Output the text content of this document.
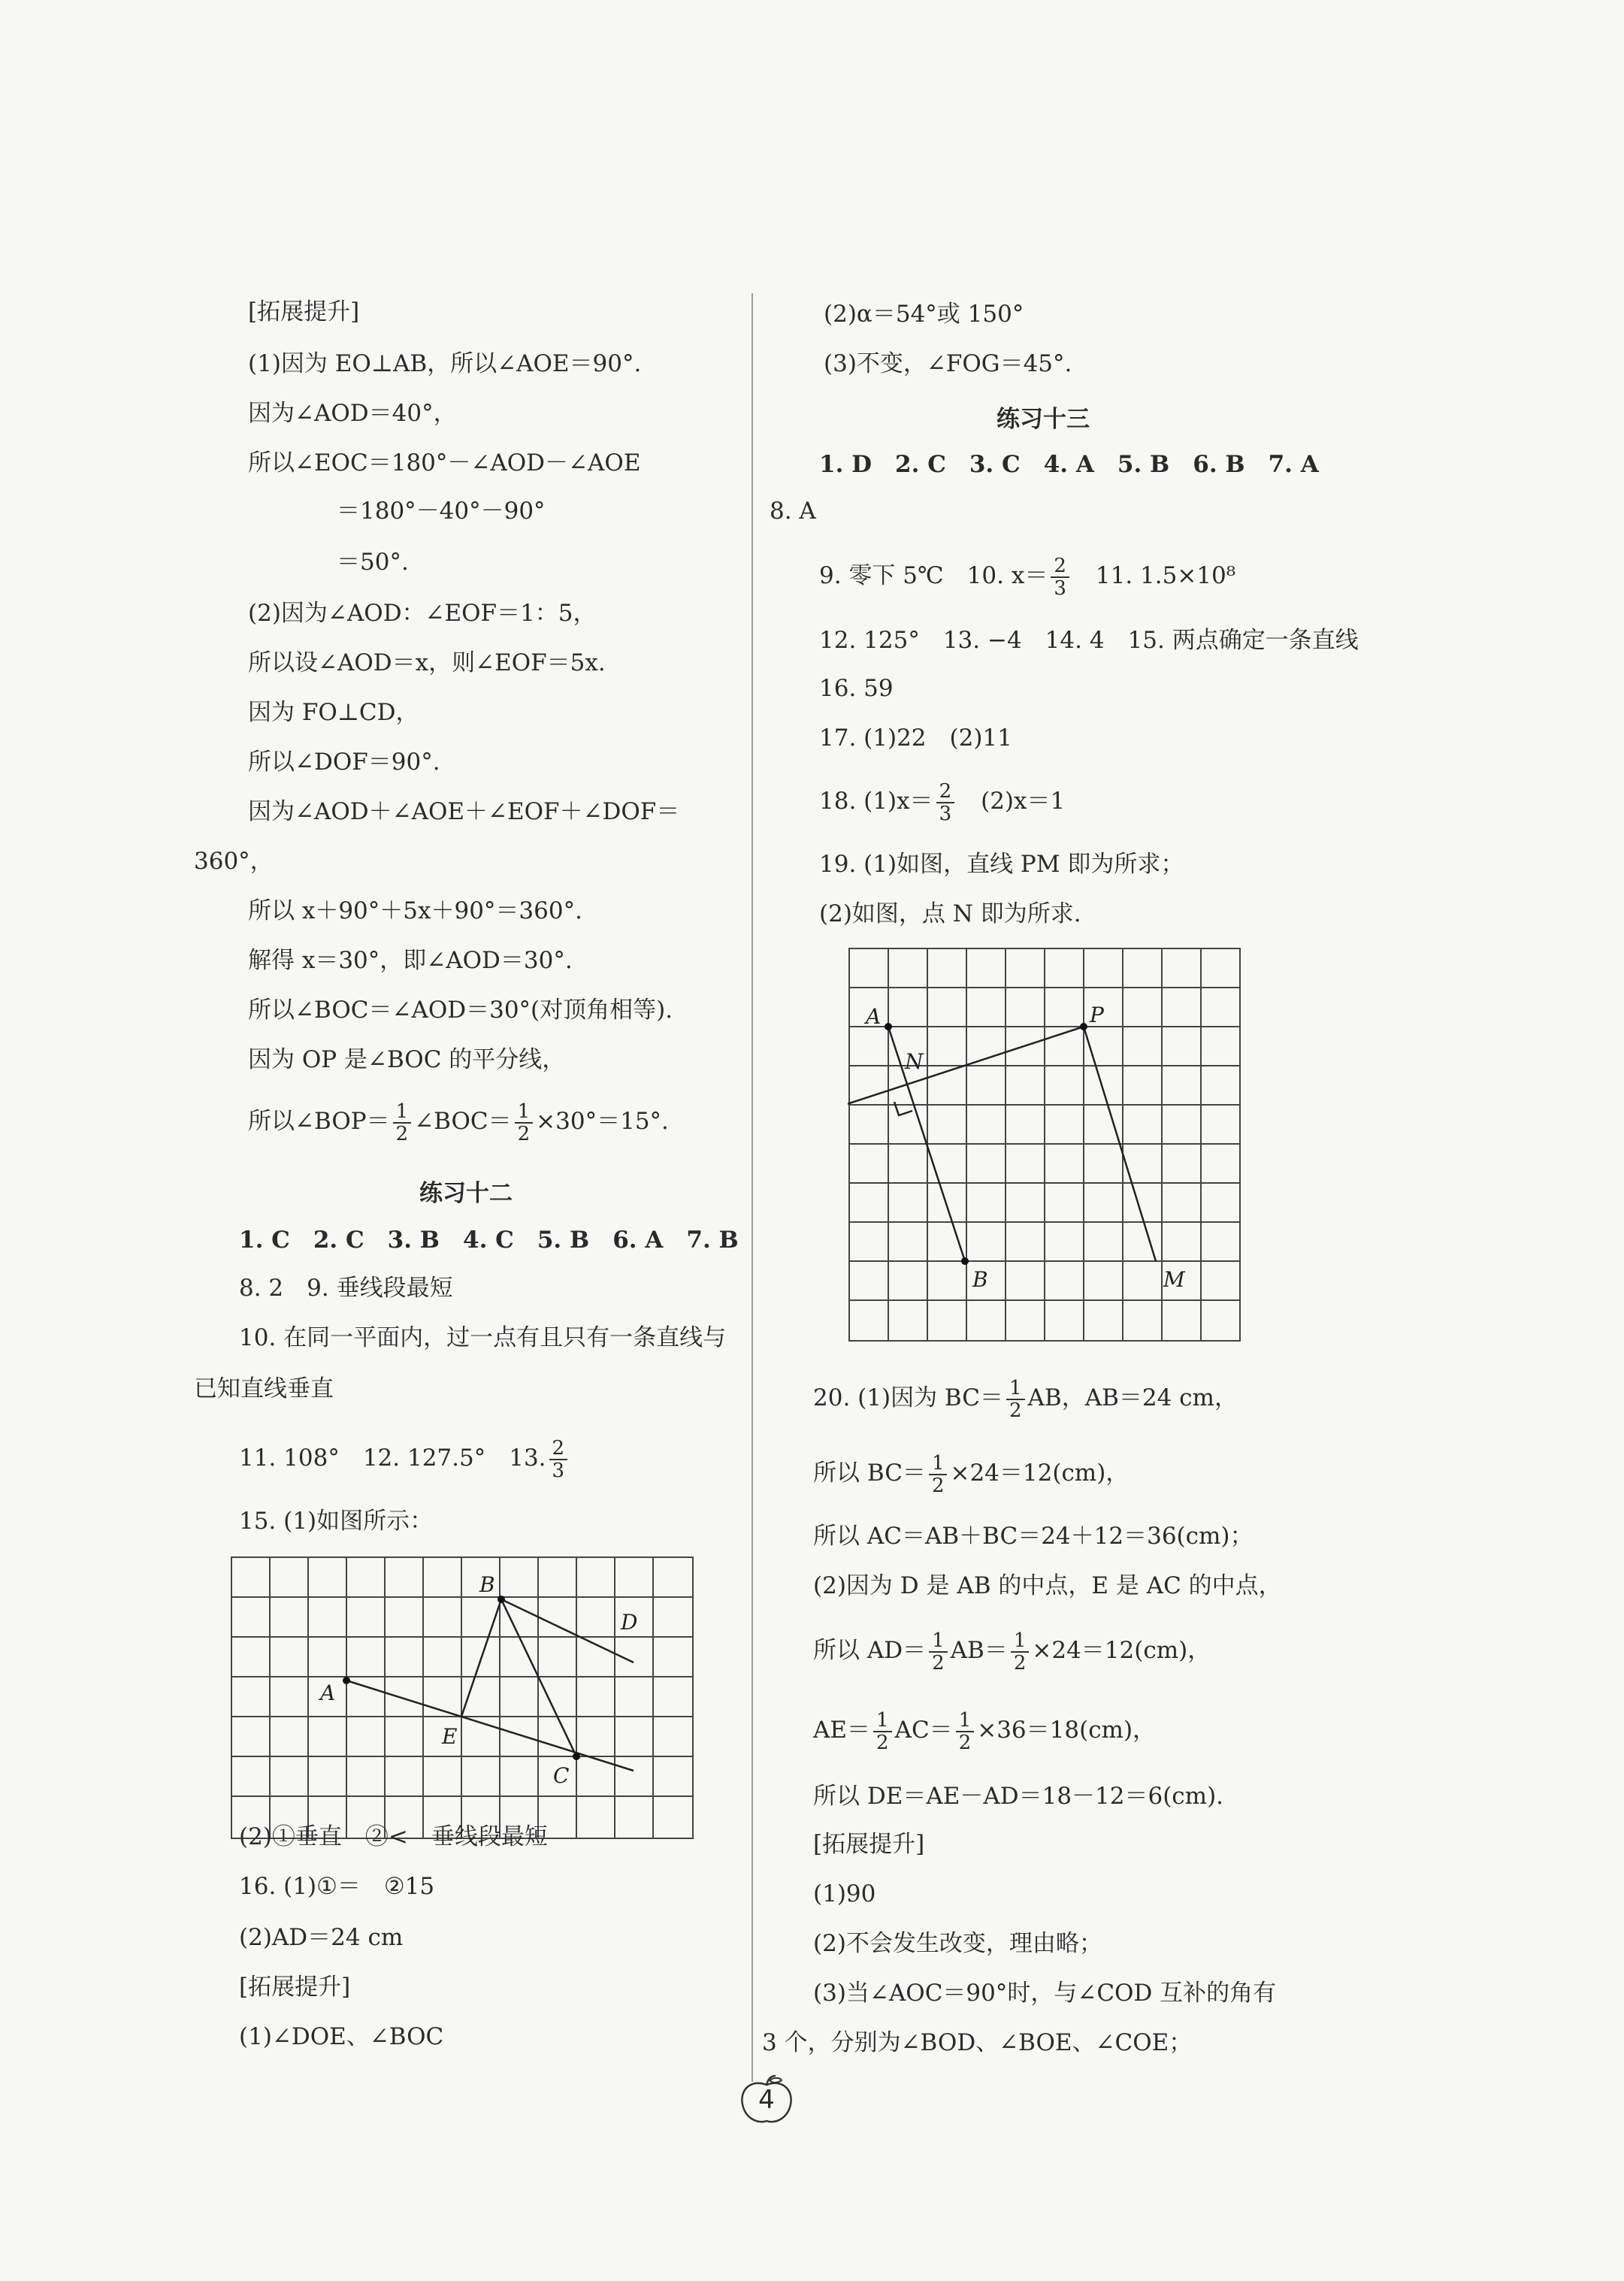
[拓展提升]
(1)因为 EO⊥AB，所以∠AOE＝90°.
因为∠AOD＝40°，
所以∠EOC＝180°－∠AOD－∠AOE
＝180°－40°－90°
＝50°.
(2)因为∠AOD：∠EOF＝1：5，
所以设∠AOD＝x，则∠EOF＝5x.
因为 FO⊥CD，
所以∠DOF＝90°.
因为∠AOD＋∠AOE＋∠EOF＋∠DOF＝
360°，
所以 x＋90°＋5x＋90°＝360°.
解得 x＝30°，即∠AOD＝30°.
所以∠BOC＝∠AOD＝30°(对顶角相等).
因为 OP 是∠BOC 的平分线，
所以∠BOP＝ $\frac{1}{2}$ ∠BOC＝ $\frac{1}{2} \times 30^\circ=15^\circ$.
练习十二
1. C　2. C　3. B　4. C　5. B　6. A　7. B
8. 2　9. 垂线段最短
10. 在同一平面内，过一点有且只有一条直线与
已知直线垂直
11. 108°　12. 127.5°　13. $\frac{2}{3}$
15. (1)如图所示：
A
B
C
D
E
(2)①垂直　②<　垂线段最短
16. (1)①＝　②15
(2)AD＝24 cm
[拓展提升]
(1)∠DOE、∠BOC
(2)α＝54°或 150°
(3)不变，∠FOG＝45°.
练习十三
1. D　2. C　3. C　4. A　5. B　6. B　7. A
8. A
9. 零下 5℃　10. $x= \frac{2}{3}$ 　11. 1.5×10⁸
12. 125°　13. −4　14. 4　15. 两点确定一条直线
16. 59
17. (1)22　(2)11
18. $(1)x= \frac{2}{3}$ 　(2)x＝1
19. (1)如图，直线 PM 即为所求；
(2)如图，点 N 即为所求.
A
N
P
B	M
20. (1)因为 $BC= \frac{1}{2}$ AB，AB＝24 cm，
所以 $BC= \frac{1}{2} \times 24=12(cm)$，
所以 AC＝AB＋BC＝24＋12＝36(cm)；
(2)因为 D 是 AB 的中点，E 是 AC 的中点，
所以 $AD= \frac{1}{2} AB= \frac{1}{2} \times 24=12(cm)$，
$AE= \frac{1}{2} AC= \frac{1}{2} \times 36=18(cm)$，
所以 DE＝AE－AD＝18－12＝6(cm).
[拓展提升]
(1)90
(2)不会发生改变，理由略；
(3)当∠AOC＝90°时，与∠COD 互补的角有
3 个，分别为∠BOD、∠BOE、∠COE；
4
